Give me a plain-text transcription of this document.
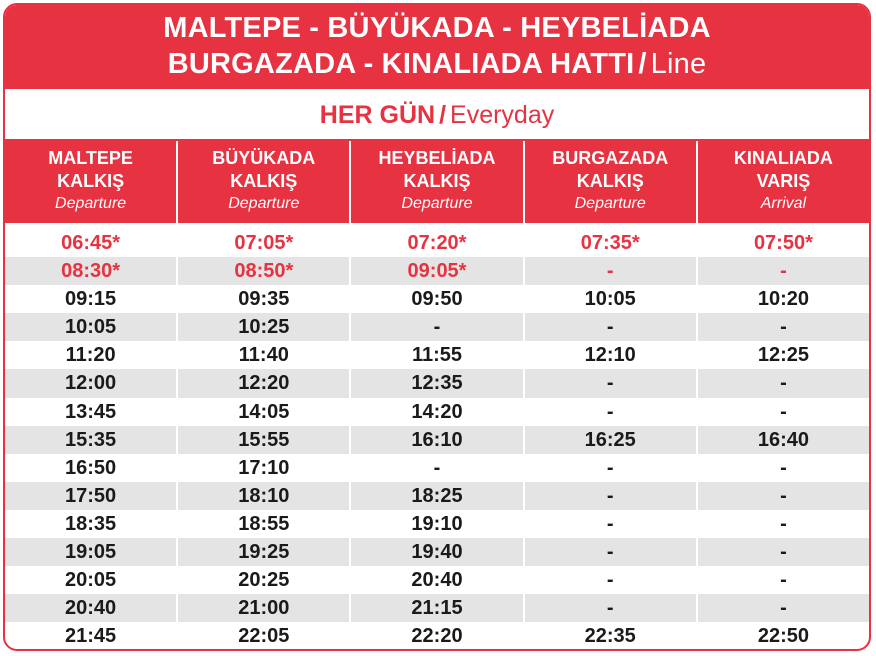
MALTEPE - BÜYÜKADA - HEYBELİADA
BURGAZADA - KINALIADA HATTI / Line
HER GÜN / Everyday
MALTEPE
KALKIŞ
Departure
BÜYÜKADA
KALKIŞ
Departure
HEYBELİADA
KALKIŞ
Departure
BURGAZADA
KALKIŞ
Departure
KINALIADA
VARIŞ
Arrival
06:45*	07:05*	07:20*	07:35*	07:50*
08:30*	08:50*	09:05*	-	-
09:15	09:35	09:50	10:05	10:20
10:05	10:25	-	-	-
11:20	11:40	11:55	12:10	12:25
12:00	12:20	12:35	-	-
13:45	14:05	14:20	-	-
15:35	15:55	16:10	16:25	16:40
16:50	17:10	-	-	-
17:50	18:10	18:25	-	-
18:35	18:55	19:10	-	-
19:05	19:25	19:40	-	-
20:05	20:25	20:40	-	-
20:40	21:00	21:15	-	-
21:45	22:05	22:20	22:35	22:50
